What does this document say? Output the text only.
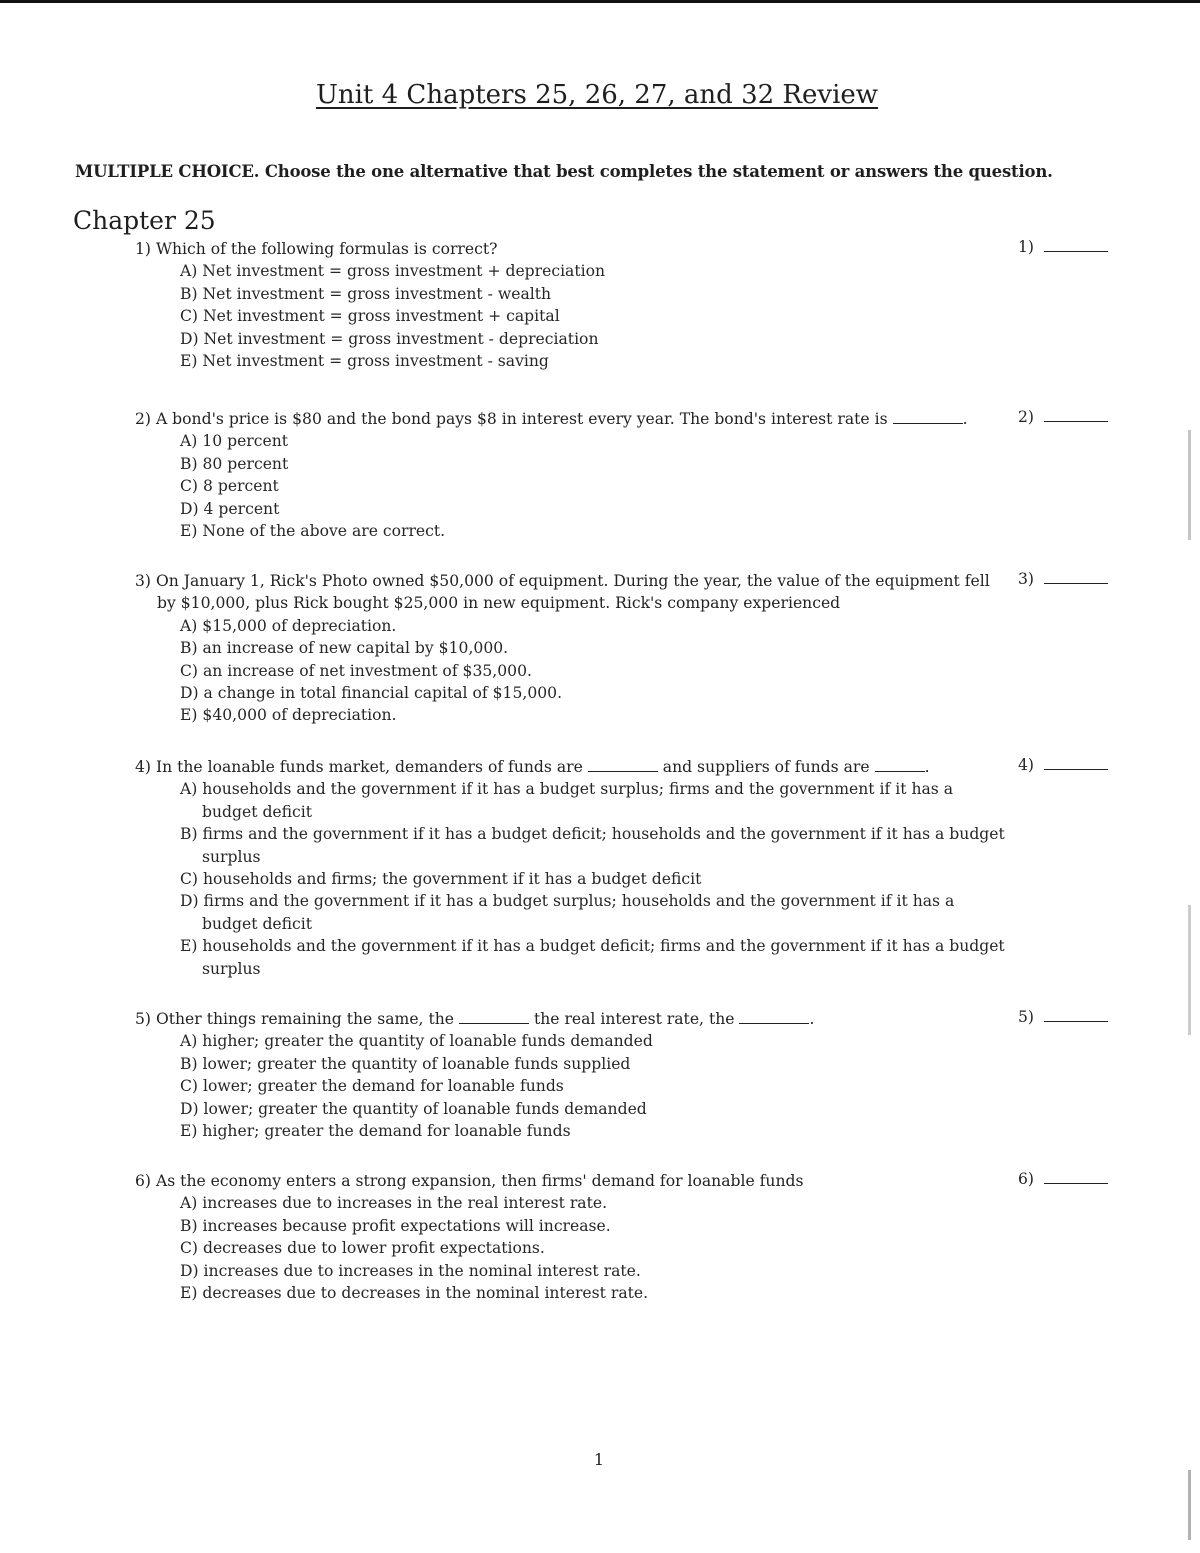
Unit 4 Chapters 25, 26, 27, and 32 Review
MULTIPLE CHOICE. Choose the one alternative that best completes the statement or answers the question.
Chapter 25
1) Which of the following formulas is correct?
A) Net investment = gross investment + depreciation
B) Net investment = gross investment - wealth
C) Net investment = gross investment + capital
D) Net investment = gross investment - depreciation
E) Net investment = gross investment - saving
1)
2) A bond's price is $80 and the bond pays $8 in interest every year. The bond's interest rate is	.
A) 10 percent
B) 80 percent
C) 8 percent
D) 4 percent
E) None of the above are correct.
2)
3) On January 1, Rick's Photo owned $50,000 of equipment. During the year, the value of the equipment fell by $10,000, plus Rick bought $25,000 in new equipment. Rick's company experienced
A) $15,000 of depreciation.
B) an increase of new capital by $10,000.
C) an increase of net investment of $35,000.
D) a change in total financial capital of $15,000.
E) $40,000 of depreciation.
3)
4) In the loanable funds market, demanders of funds are	and suppliers of funds are	.
A) households and the government if it has a budget surplus; firms and the government if it has a budget deficit
B) firms and the government if it has a budget deficit; households and the government if it has a budget surplus
C) households and firms; the government if it has a budget deficit
D) firms and the government if it has a budget surplus; households and the government if it has a budget deficit
E) households and the government if it has a budget deficit; firms and the government if it has a budget surplus
4)
5) Other things remaining the same, the	the real interest rate, the	.
A) higher; greater the quantity of loanable funds demanded
B) lower; greater the quantity of loanable funds supplied
C) lower; greater the demand for loanable funds
D) lower; greater the quantity of loanable funds demanded
E) higher; greater the demand for loanable funds
5)
6) As the economy enters a strong expansion, then firms' demand for loanable funds
A) increases due to increases in the real interest rate.
B) increases because profit expectations will increase.
C) decreases due to lower profit expectations.
D) increases due to increases in the nominal interest rate.
E) decreases due to decreases in the nominal interest rate.
6)
1
